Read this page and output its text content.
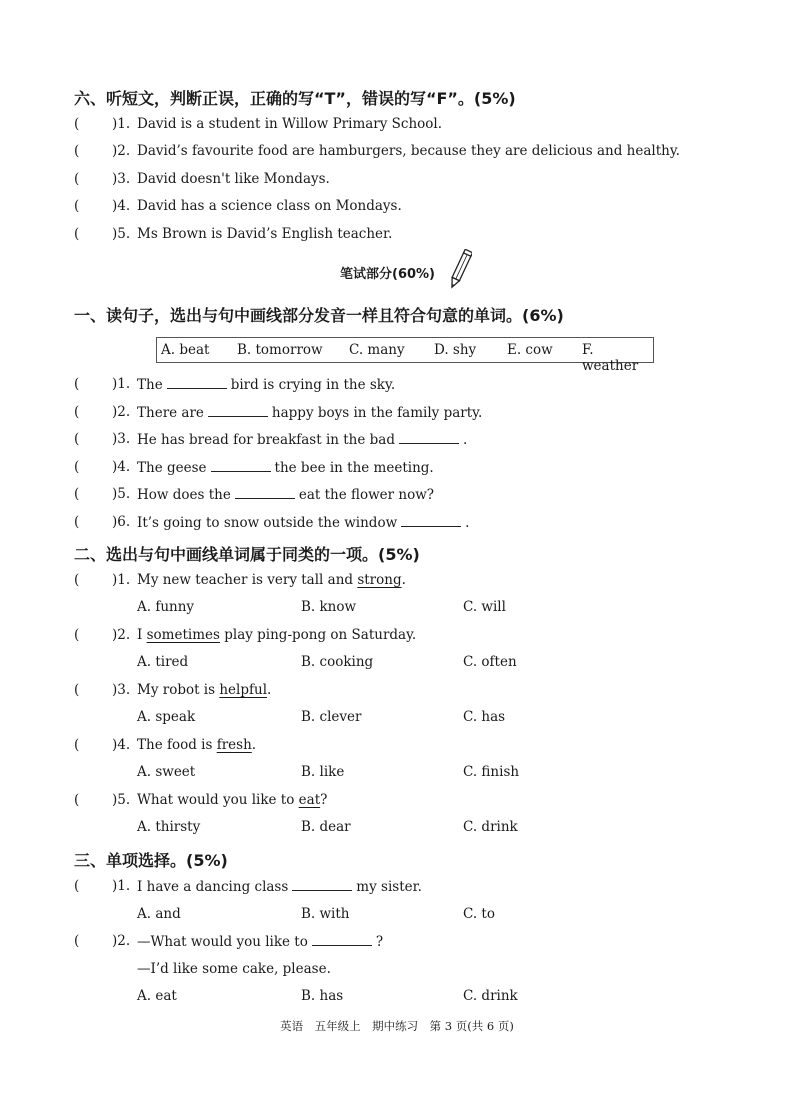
六、听短文，判断正误，正确的写“T”，错误的写“F”。(5%)
( )1. David is a student in Willow Primary School.
( )2. David’s favourite food are hamburgers, because they are delicious and healthy.
( )3. David doesn't like Mondays.
( )4. David has a science class on Mondays.
( )5. Ms Brown is David’s English teacher.
笔试部分(60%)
一、读句子，选出与句中画线部分发音一样且符合句意的单词。(6%)
A. beat B. tomorrow C. many D. shy E. cow F. weather
( )1. The	bird is crying in the sky.
( )2. There are	happy boys in the family party.
( )3. He has bread for breakfast in the bad	.
( )4. The geese	the bee in the meeting.
( )5. How does the	eat the flower now?
( )6. It’s going to snow outside the window	.
二、选出与句中画线单词属于同类的一项。(5%)
( )1. My new teacher is very tall and strong.
A. funny	B. know	C. will
( )2. I sometimes play ping-pong on Saturday.
A. tired	B. cooking	C. often
( )3. My robot is helpful.
A. speak	B. clever	C. has
( )4. The food is fresh.
A. sweet	B. like	C. finish
( )5. What would you like to eat?
A. thirsty	B. dear	C. drink
三、单项选择。(5%)
( )1. I have a dancing class	my sister.
A. and	B. with	C. to
( )2. —What would you like to	?
—I’d like some cake, please.
A. eat	B. has	C. drink
英语　五年级上　期中练习　第 3 页(共 6 页)
